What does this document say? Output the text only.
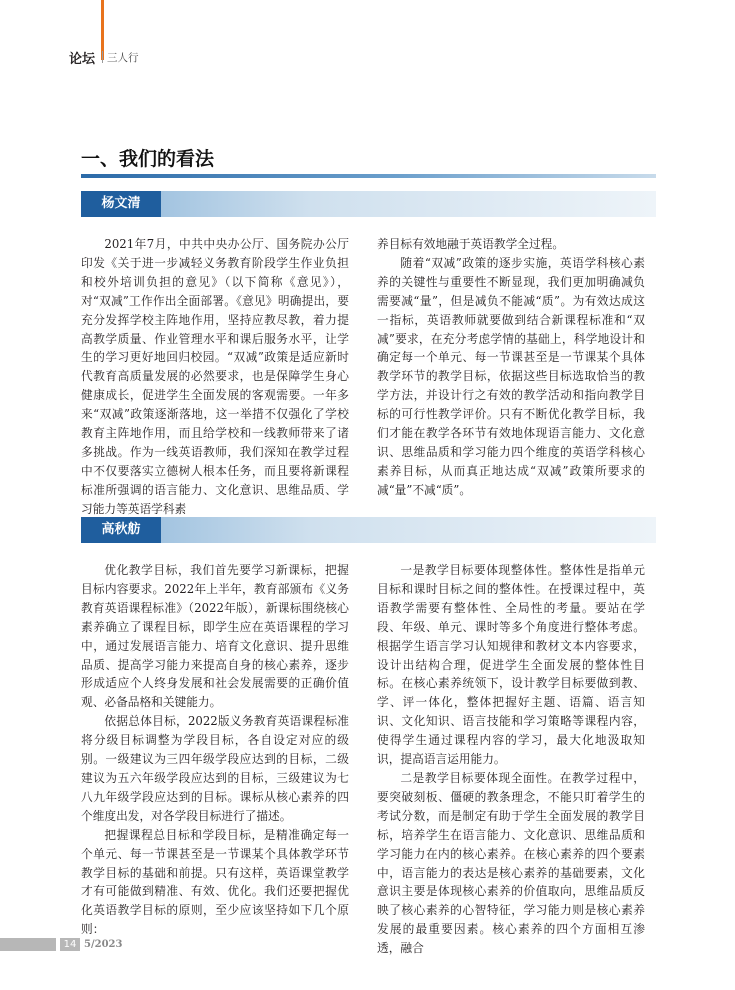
论坛 三人行
一、我们的看法
杨文清

2021年7月，中共中央办公厅、国务院办公厅印发《关于进一步减轻义务教育阶段学生作业负担和校外培训负担的意见》（以下简称《意见》），对“双减”工作作出全面部署。《意见》明确提出，要充分发挥学校主阵地作用，坚持应教尽教，着力提高教学质量、作业管理水平和课后服务水平，让学生的学习更好地回归校园。“双减”政策是适应新时代教育高质量发展的必然要求，也是保障学生身心健康成长，促进学生全面发展的客观需要。一年多来“双减”政策逐渐落地，这一举措不仅强化了学校教育主阵地作用，而且给学校和一线教师带来了诸多挑战。作为一线英语教师，我们深知在教学过程中不仅要落实立德树人根本任务，而且要将新课程标准所强调的语言能力、文化意识、思维品质、学习能力等英语学科素

养目标有效地融于英语教学全过程。

随着“双减”政策的逐步实施，英语学科核心素养的关键性与重要性不断显现，我们更加明确减负需要减“量”，但是减负不能减“质”。为有效达成这一指标，英语教师就要做到结合新课程标准和“双减”要求，在充分考虑学情的基础上，科学地设计和确定每一个单元、每一节课甚至是一节课某个具体教学环节的教学目标，依据这些目标选取恰当的教学方法，并设计行之有效的教学活动和指向教学目标的可行性教学评价。只有不断优化教学目标，我们才能在教学各环节有效地体现语言能力、文化意识、思维品质和学习能力四个维度的英语学科核心素养目标，从而真正地达成“双减”政策所要求的减“量”不减“质”。

高秋舫

优化教学目标，我们首先要学习新课标，把握目标内容要求。2022年上半年，教育部颁布《义务教育英语课程标准》（2022年版），新课标围绕核心素养确立了课程目标，即学生应在英语课程的学习中，通过发展语言能力、培育文化意识、提升思维品质、提高学习能力来提高自身的核心素养，逐步形成适应个人终身发展和社会发展需要的正确价值观、必备品格和关键能力。

依据总体目标，2022版义务教育英语课程标准将分级目标调整为学段目标，各自设定对应的级别。一级建议为三四年级学段应达到的目标，二级建议为五六年级学段应达到的目标，三级建议为七八九年级学段应达到的目标。课标从核心素养的四个维度出发，对各学段目标进行了描述。

把握课程总目标和学段目标，是精准确定每一个单元、每一节课甚至是一节课某个具体教学环节教学目标的基础和前提。只有这样，英语课堂教学才有可能做到精准、有效、优化。我们还要把握优化英语教学目标的原则，至少应该坚持如下几个原则：

一是教学目标要体现整体性。整体性是指单元目标和课时目标之间的整体性。在授课过程中，英语教学需要有整体性、全局性的考量。要站在学段、年级、单元、课时等多个角度进行整体考虑。根据学生语言学习认知规律和教材文本内容要求，设计出结构合理，促进学生全面发展的整体性目标。在核心素养统领下，设计教学目标要做到教、学、评一体化，整体把握好主题、语篇、语言知识、文化知识、语言技能和学习策略等课程内容，使得学生通过课程内容的学习，最大化地汲取知识，提高语言运用能力。

二是教学目标要体现全面性。在教学过程中，要突破刻板、僵硬的教条理念，不能只盯着学生的考试分数，而是制定有助于学生全面发展的教学目标，培养学生在语言能力、文化意识、思维品质和学习能力在内的核心素养。在核心素养的四个要素中，语言能力的表达是核心素养的基础要素，文化意识主要是体现核心素养的价值取向，思维品质反映了核心素养的心智特征，学习能力则是核心素养发展的最重要因素。核心素养的四个方面相互渗透，融合

14 5/2023
